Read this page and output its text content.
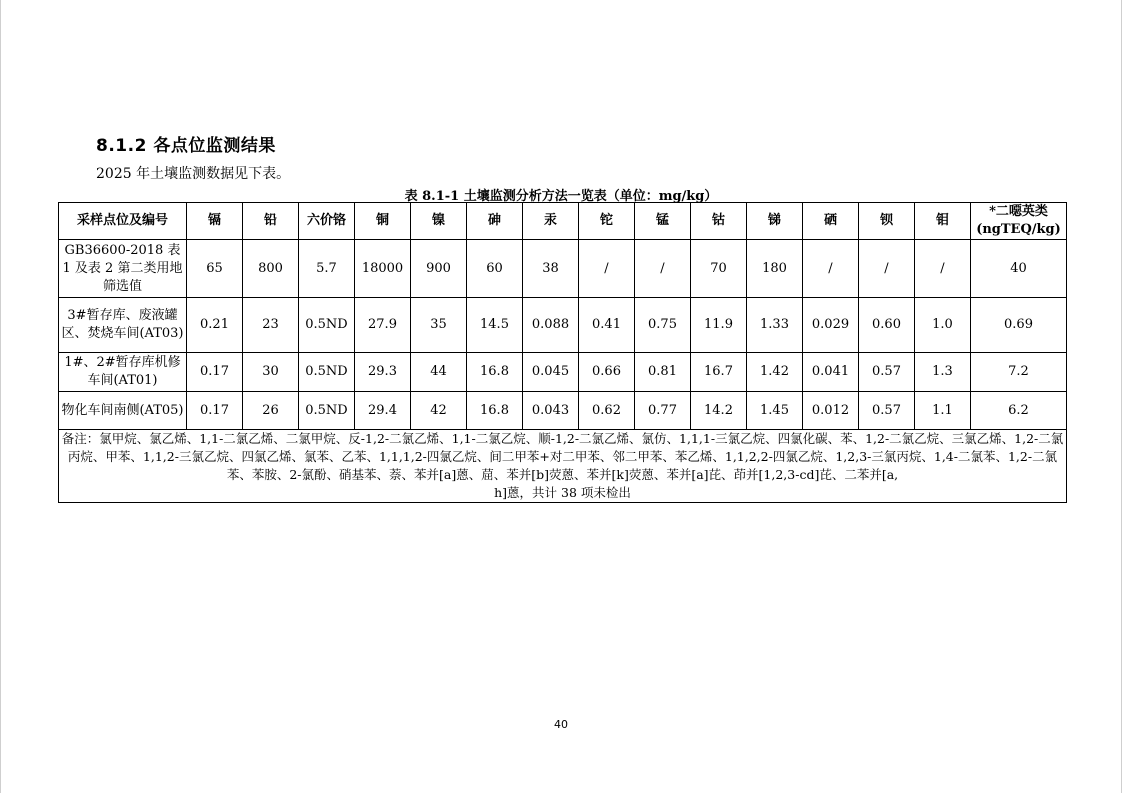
8.1.2 各点位监测结果
2025 年土壤监测数据见下表。
表 8.1-1 土壤监测分析方法一览表（单位：mg/kg）
采样点位及编号	镉	铅	六价铬	铜	镍	砷	汞	铊	锰	钴	锑	硒	钡	钼	*二噁英类(ngTEQ/kg)
GB36600-2018 表 1 及表 2 第二类用地筛选值	65	800	5.7	18000	900	60	38	/	/	70	180	/	/	/	40
3#暂存库、废液罐区、焚烧车间(AT03)	0.21	23	0.5ND	27.9	35	14.5	0.088	0.41	0.75	11.9	1.33	0.029	0.60	1.0	0.69
1#、2#暂存库机修车间(AT01)	0.17	30	0.5ND	29.3	44	16.8	0.045	0.66	0.81	16.7	1.42	0.041	0.57	1.3	7.2
物化车间南侧(AT05)	0.17	26	0.5ND	29.4	42	16.8	0.043	0.62	0.77	14.2	1.45	0.012	0.57	1.1	6.2
备注：氯甲烷、氯乙烯、1,1-二氯乙烯、二氯甲烷、反-1,2-二氯乙烯、1,1-二氯乙烷、顺-1,2-二氯乙烯、氯仿、1,1,1-三氯乙烷、四氯化碳、苯、1,2-二氯乙烷、三氯乙烯、1,2-二氯丙烷、甲苯、1,1,2-三氯乙烷、四氯乙烯、氯苯、乙苯、1,1,1,2-四氯乙烷、间二甲苯+对二甲苯、邻二甲苯、苯乙烯、1,1,2,2-四氯乙烷、1,2,3-三氯丙烷、1,4-二氯苯、1,2-二氯苯、苯胺、2-氯酚、硝基苯、萘、苯并[a]蒽、䓛、苯并[b]荧蒽、苯并[k]荧蒽、苯并[a]芘、茚并[1,2,3-cd]芘、二苯并[a,
h]蒽，共计 38 项未检出															
40
